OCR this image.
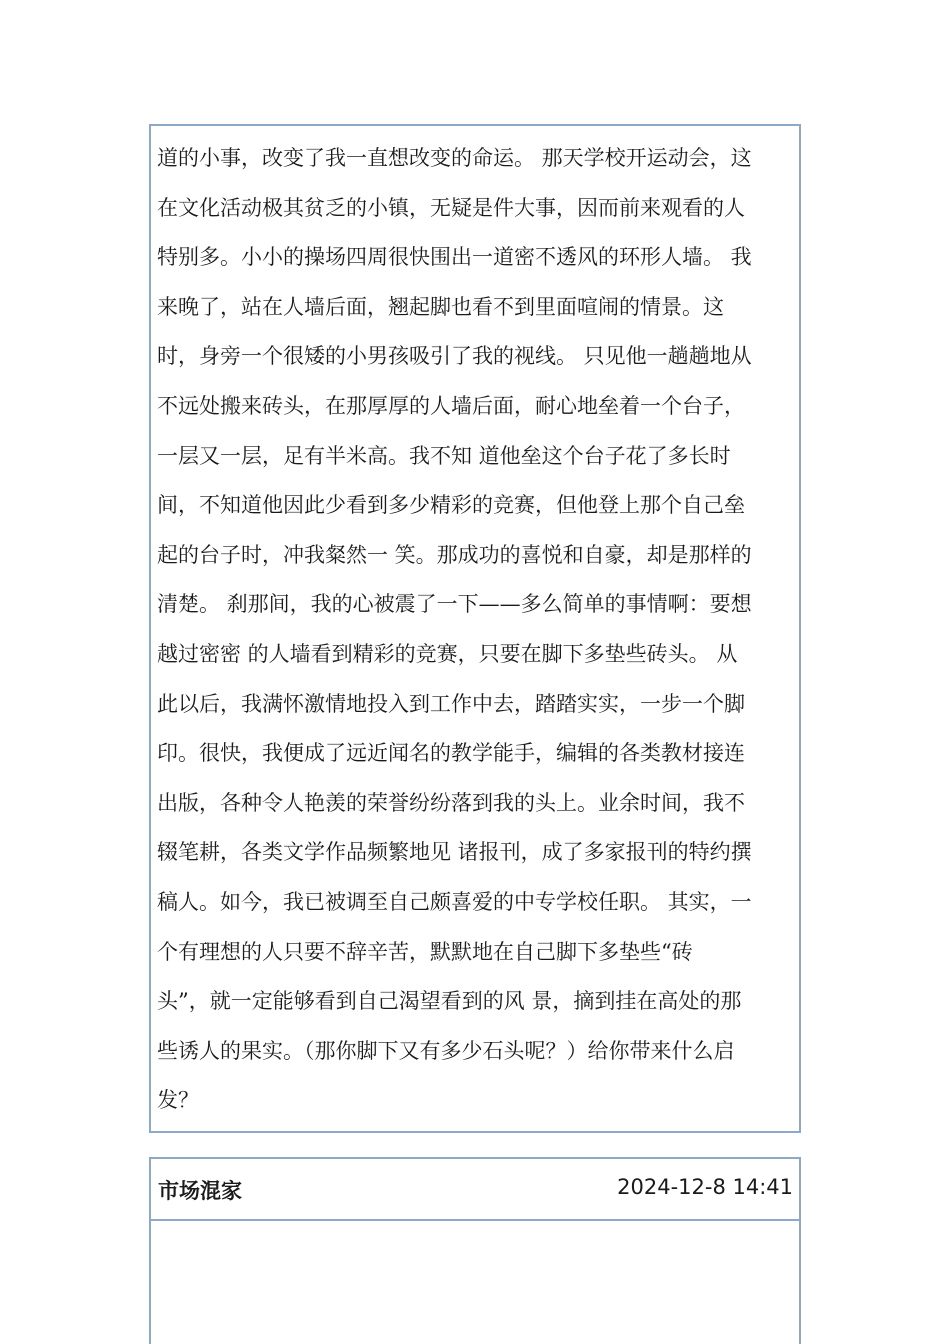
道的小事，改变了我一直想改变的命运。 那天学校开运动会，这
在文化活动极其贫乏的小镇，无疑是件大事，因而前来观看的人
特别多。小小的操场四周很快围出一道密不透风的环形人墙。 我
来晚了，站在人墙后面，翘起脚也看不到里面喧闹的情景。这
时，身旁一个很矮的小男孩吸引了我的视线。 只见他一趟趟地从
不远处搬来砖头，在那厚厚的人墙后面，耐心地垒着一个台子，
一层又一层，足有半米高。我不知 道他垒这个台子花了多长时
间，不知道他因此少看到多少精彩的竞赛，但他登上那个自己垒
起的台子时，冲我粲然一 笑。那成功的喜悦和自豪，却是那样的
清楚。 刹那间，我的心被震了一下——多么简单的事情啊：要想
越过密密 的人墙看到精彩的竞赛，只要在脚下多垫些砖头。 从
此以后，我满怀激情地投入到工作中去，踏踏实实，一步一个脚
印。很快，我便成了远近闻名的教学能手，编辑的各类教材接连
出版，各种令人艳羡的荣誉纷纷落到我的头上。业余时间，我不
辍笔耕，各类文学作品频繁地见 诸报刊，成了多家报刊的特约撰
稿人。如今，我已被调至自己颇喜爱的中专学校任职。 其实，一
个有理想的人只要不辞辛苦，默默地在自己脚下多垫些“砖
头”，就一定能够看到自己渴望看到的风 景，摘到挂在高处的那
些诱人的果实。（那你脚下又有多少石头呢？）给你带来什么启
发？
市场混家	2024-12-8 14:41
